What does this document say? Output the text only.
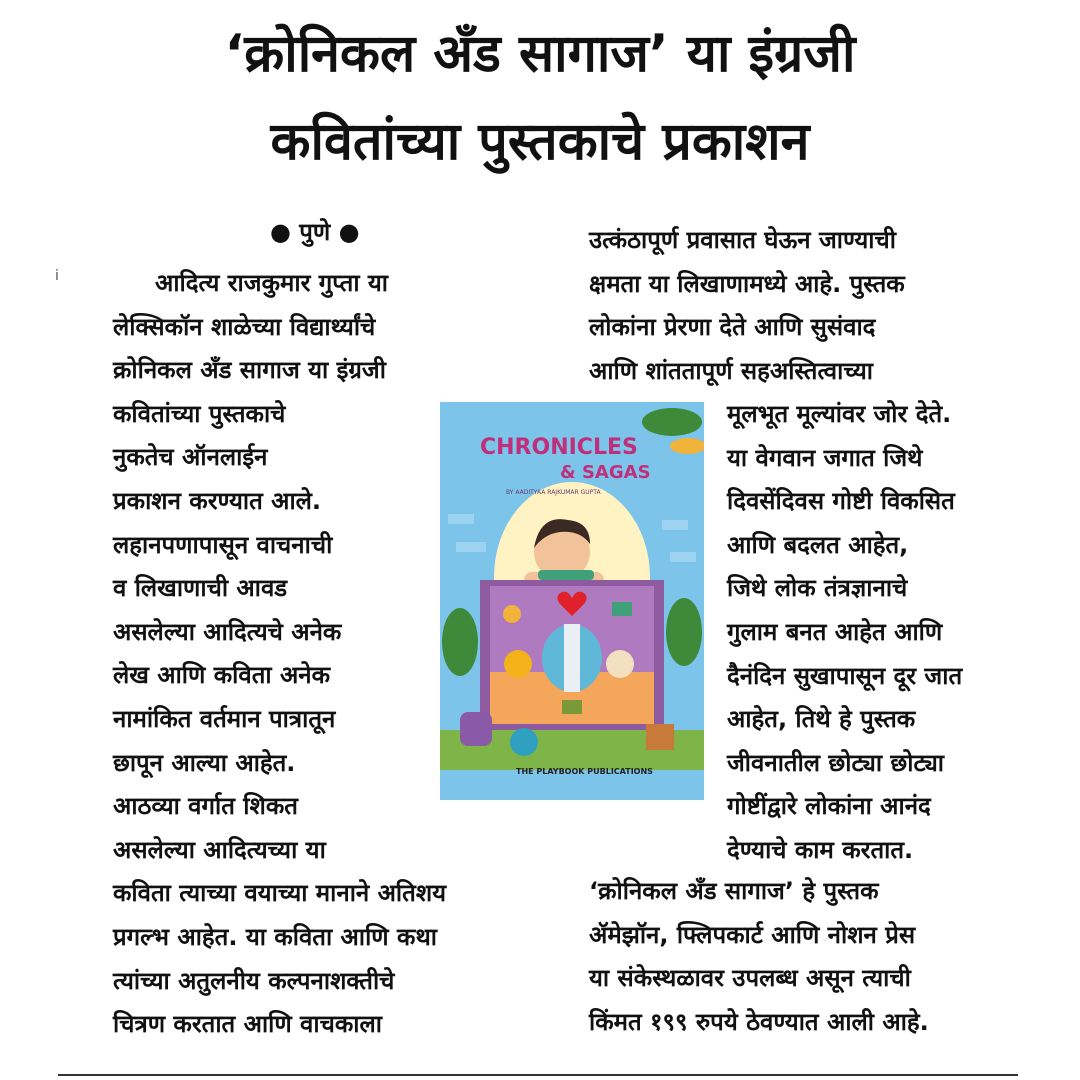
‘क्रोनिकल अँड सागाज’ या इंग्रजी
कवितांच्या पुस्तकाचे प्रकाशन
● पुणे ●
i	आदित्य राजकुमार गुप्ता या
लेक्सिकॉन शाळेच्या विद्यार्थ्यांचे
क्रोनिकल अँड सागाज या इंग्रजी
कवितांच्या पुस्तकाचे
नुकतेच ऑनलाईन
प्रकाशन करण्यात आले.
लहानपणापासून वाचनाची
व लिखाणाची आवड
असलेल्या आदित्यचे अनेक
लेख आणि कविता अनेक
नामांकित वर्तमान पात्रातून
छापून आल्या आहेत.
आठव्या वर्गात शिकत
असलेल्या आदित्यच्या या
कविता त्याच्या वयाच्या मानाने अतिशय
प्रगल्भ आहेत. या कविता आणि कथा
त्यांच्या अतुलनीय कल्पनाशक्तीचे
चित्रण करतात आणि वाचकाला
उत्कंठापूर्ण प्रवासात घेऊन जाण्याची
क्षमता या लिखाणामध्ये आहे. पुस्तक
लोकांना प्रेरणा देते आणि सुसंवाद
आणि शांततापूर्ण सहअस्तित्वाच्या
मूलभूत मूल्यांवर जोर देते.
या वेगवान जगात जिथे
दिवसेंदिवस गोष्टी विकसित
आणि बदलत आहेत,
जिथे लोक तंत्रज्ञानाचे
गुलाम बनत आहेत आणि
दैनंदिन सुखापासून दूर जात
आहेत, तिथे हे पुस्तक
जीवनातील छोट्या छोट्या
गोष्टींद्वारे लोकांना आनंद
देण्याचे काम करतात.
‘क्रोनिकल अँड सागाज’ हे पुस्तक
ॲमेझॉन, फ्लिपकार्ट आणि नोशन प्रेस
या संकेस्थळावर उपलब्ध असून त्याची
किंमत १९९ रुपये ठेवण्यात आली आहे.
CHRONICLES
& SAGAS
BY AADITYAA RAJKUMAR GUPTA
THE PLAYBOOK PUBLICATIONS
